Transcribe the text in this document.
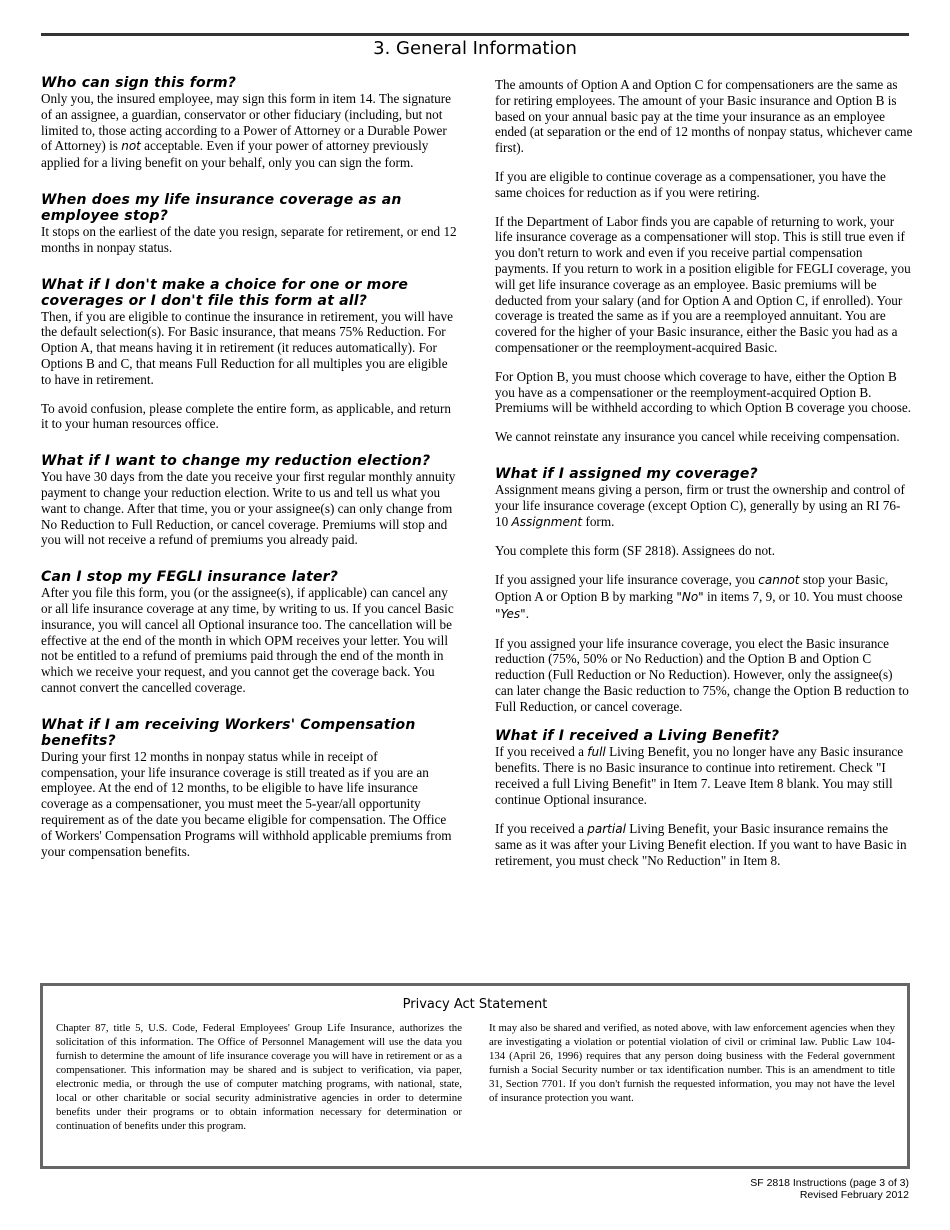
3. General Information
Who can sign this form?

Only you, the insured employee, may sign this form in item 14. The signature of an assignee, a guardian, conservator or other fiduciary (including, but not limited to, those acting according to a Power of Attorney or a Durable Power of Attorney) is not acceptable. Even if your power of attorney previously applied for a living benefit on your behalf, only you can sign the form.

When does my life insurance coverage as an employee stop?

It stops on the earliest of the date you resign, separate for retirement, or end 12 months in nonpay status.

What if I don't make a choice for one or more coverages or I don't file this form at all?

Then, if you are eligible to continue the insurance in retirement, you will have the default selection(s). For Basic insurance, that means 75% Reduction. For Option A, that means having it in retirement (it reduces automatically). For Options B and C, that means Full Reduction for all multiples you are eligible to have in retirement.

To avoid confusion, please complete the entire form, as applicable, and return it to your human resources office.

What if I want to change my reduction election?

You have 30 days from the date you receive your first regular monthly annuity payment to change your reduction election. Write to us and tell us what you want to change. After that time, you or your assignee(s) can only change from No Reduction to Full Reduction, or cancel coverage. Premiums will stop and you will not receive a refund of premiums you already paid.

Can I stop my FEGLI insurance later?

After you file this form, you (or the assignee(s), if applicable) can cancel any or all life insurance coverage at any time, by writing to us. If you cancel Basic insurance, you will cancel all Optional insurance too. The cancellation will be effective at the end of the month in which OPM receives your letter. You will not be entitled to a refund of premiums paid through the end of the month in which we receive your request, and you cannot get the coverage back. You cannot convert the cancelled coverage.

What if I am receiving Workers' Compensation benefits?

During your first 12 months in nonpay status while in receipt of compensation, your life insurance coverage is still treated as if you are an employee. At the end of 12 months, to be eligible to have life insurance coverage as a compensationer, you must meet the 5-year/all opportunity requirement as of the date you became eligible for compensation. The Office of Workers' Compensation Programs will withhold applicable premiums from your compensation benefits.

The amounts of Option A and Option C for compensationers are the same as for retiring employees. The amount of your Basic insurance and Option B is based on your annual basic pay at the time your insurance as an employee ended (at separation or the end of 12 months of nonpay status, whichever came first).

If you are eligible to continue coverage as a compensationer, you have the same choices for reduction as if you were retiring.

If the Department of Labor finds you are capable of returning to work, your life insurance coverage as a compensationer will stop. This is still true even if you don't return to work and even if you receive partial compensation payments. If you return to work in a position eligible for FEGLI coverage, you will get life insurance coverage as an employee. Basic premiums will be deducted from your salary (and for Option A and Option C, if enrolled). Your coverage is treated the same as if you are a reemployed annuitant. You are covered for the higher of your Basic insurance, either the Basic you had as a compensationer or the reemployment-acquired Basic.

For Option B, you must choose which coverage to have, either the Option B you have as a compensationer or the reemployment-acquired Option B. Premiums will be withheld according to which Option B coverage you choose.

We cannot reinstate any insurance you cancel while receiving compensation.

What if I assigned my coverage?

Assignment means giving a person, firm or trust the ownership and control of your life insurance coverage (except Option C), generally by using an RI 76-10 Assignment form.

You complete this form (SF 2818). Assignees do not.

If you assigned your life insurance coverage, you cannot stop your Basic, Option A or Option B by marking "No" in items 7, 9, or 10. You must choose "Yes".

If you assigned your life insurance coverage, you elect the Basic insurance reduction (75%, 50% or No Reduction) and the Option B and Option C reduction (Full Reduction or No Reduction). However, only the assignee(s) can later change the Basic reduction to 75%, change the Option B reduction to Full Reduction, or cancel coverage.

What if I received a Living Benefit?

If you received a full Living Benefit, you no longer have any Basic insurance benefits. There is no Basic insurance to continue into retirement. Check "I received a full Living Benefit" in Item 7. Leave Item 8 blank. You may still continue Optional insurance.

If you received a partial Living Benefit, your Basic insurance remains the same as it was after your Living Benefit election. If you want to have Basic in retirement, you must check "No Reduction" in Item 8.

Privacy Act Statement
Chapter 87, title 5, U.S. Code, Federal Employees' Group Life Insurance, authorizes the solicitation of this information. The Office of Personnel Management will use the data you furnish to determine the amount of life insurance coverage you will have in retirement or as a compensationer. This information may be shared and is subject to verification, via paper, electronic media, or through the use of computer matching programs, with national, state, local or other charitable or social security administrative agencies in order to determine benefits under their programs or to obtain information necessary for determination or continuation of benefits under this program.
It may also be shared and verified, as noted above, with law enforcement agencies when they are investigating a violation or potential violation of civil or criminal law. Public Law 104-134 (April 26, 1996) requires that any person doing business with the Federal government furnish a Social Security number or tax identification number. This is an amendment to title 31, Section 7701. If you don't furnish the requested information, you may not have the level of insurance protection you want.
SF 2818 Instructions (page 3 of 3)
Revised February 2012
